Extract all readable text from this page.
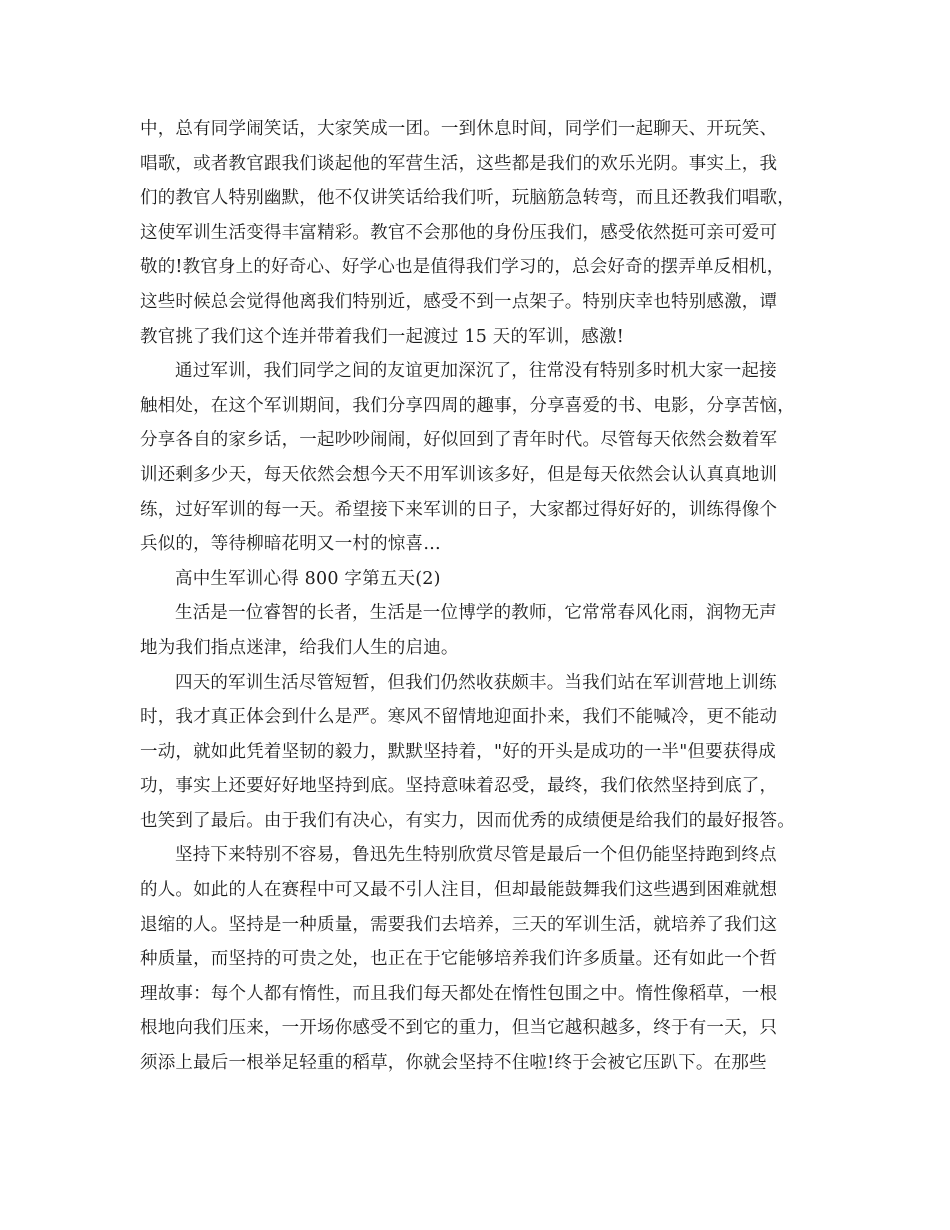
中，总有同学闹笑话，大家笑成一团。一到休息时间，同学们一起聊天、开玩笑、
唱歌，或者教官跟我们谈起他的军营生活，这些都是我们的欢乐光阴。事实上，我
们的教官人特别幽默，他不仅讲笑话给我们听，玩脑筋急转弯，而且还教我们唱歌，
这使军训生活变得丰富精彩。教官不会那他的身份压我们，感受依然挺可亲可爱可
敬的!教官身上的好奇心、好学心也是值得我们学习的，总会好奇的摆弄单反相机，
这些时候总会觉得他离我们特别近，感受不到一点架子。特别庆幸也特别感激，谭
教官挑了我们这个连并带着我们一起渡过 15 天的军训，感激!
通过军训，我们同学之间的友谊更加深沉了，往常没有特别多时机大家一起接
触相处，在这个军训期间，我们分享四周的趣事，分享喜爱的书、电影，分享苦恼，
分享各自的家乡话，一起吵吵闹闹，好似回到了青年时代。尽管每天依然会数着军
训还剩多少天，每天依然会想今天不用军训该多好，但是每天依然会认认真真地训
练，过好军训的每一天。希望接下来军训的日子，大家都过得好好的，训练得像个
兵似的，等待柳暗花明又一村的惊喜…
高中生军训心得 800 字第五天(2)
生活是一位睿智的长者，生活是一位博学的教师，它常常春风化雨，润物无声
地为我们指点迷津，给我们人生的启迪。
四天的军训生活尽管短暂，但我们仍然收获颇丰。当我们站在军训营地上训练
时，我才真正体会到什么是严。寒风不留情地迎面扑来，我们不能喊冷，更不能动
一动，就如此凭着坚韧的毅力，默默坚持着，"好的开头是成功的一半"但要获得成
功，事实上还要好好地坚持到底。坚持意味着忍受，最终，我们依然坚持到底了，
也笑到了最后。由于我们有决心，有实力，因而优秀的成绩便是给我们的最好报答。
坚持下来特别不容易，鲁迅先生特别欣赏尽管是最后一个但仍能坚持跑到终点
的人。如此的人在赛程中可又最不引人注目，但却最能鼓舞我们这些遇到困难就想
退缩的人。坚持是一种质量，需要我们去培养，三天的军训生活，就培养了我们这
种质量，而坚持的可贵之处，也正在于它能够培养我们许多质量。还有如此一个哲
理故事：每个人都有惰性，而且我们每天都处在惰性包围之中。惰性像稻草，一根
根地向我们压来，一开场你感受不到它的重力，但当它越积越多，终于有一天，只
须添上最后一根举足轻重的稻草，你就会坚持不住啦!终于会被它压趴下。在那些
